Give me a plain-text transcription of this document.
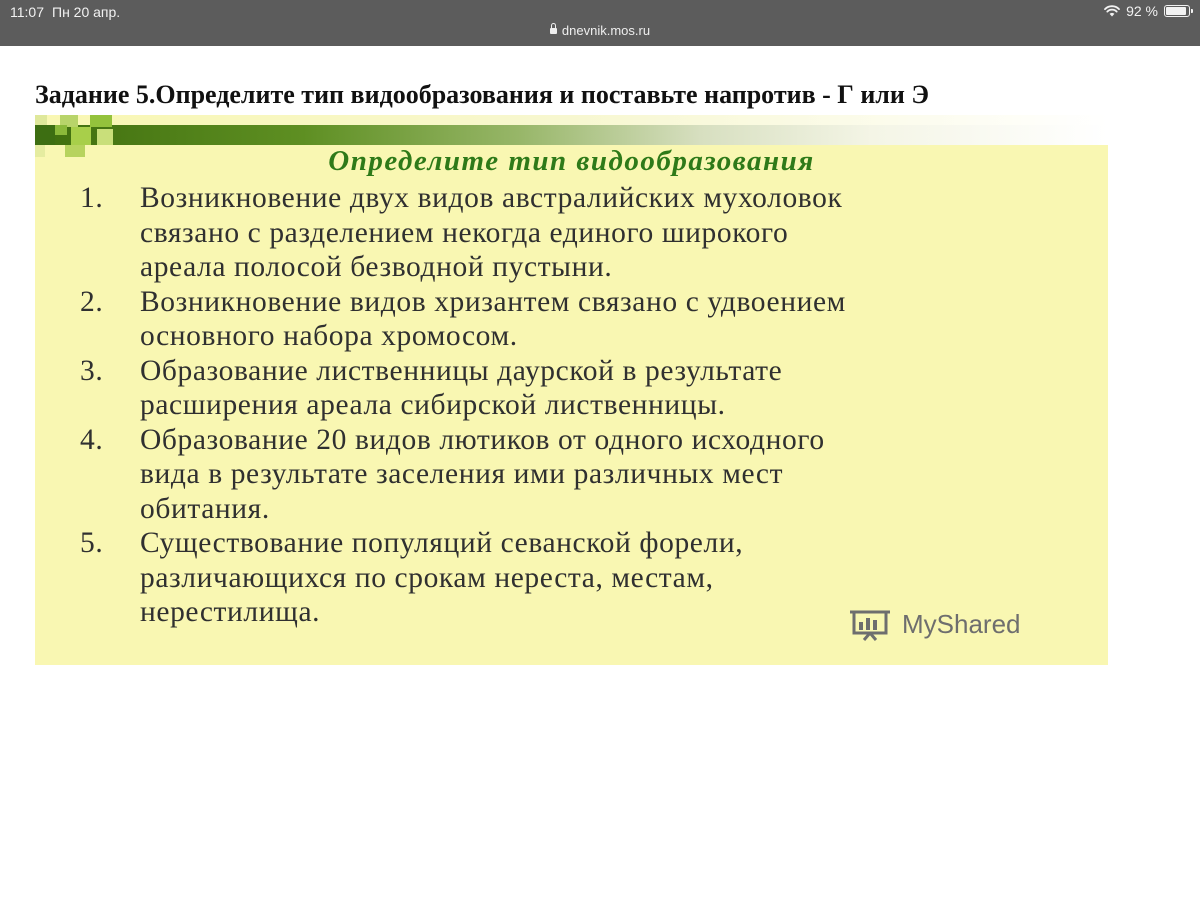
11:07 Пн 20 апр.
dnevnik.mos.ru
92 %
Задание 5.Определите тип видообразования и поставьте напротив - Г или Э
Определите тип видообразования
1.	Возникновение двух видов австралийских мухоловок
связано с разделением некогда единого широкого
ареала полосой безводной пустыни.
2.	Возникновение видов хризантем связано с удвоением
основного набора хромосом.
3.	Образование лиственницы даурской в результате
расширения ареала сибирской лиственницы.
4.	Образование 20 видов лютиков от одного исходного
вида в результате заселения ими различных мест
обитания.
5.	Существование популяций севанской форели,
различающихся по срокам нереста, местам,
нерестилища.	MyShared
